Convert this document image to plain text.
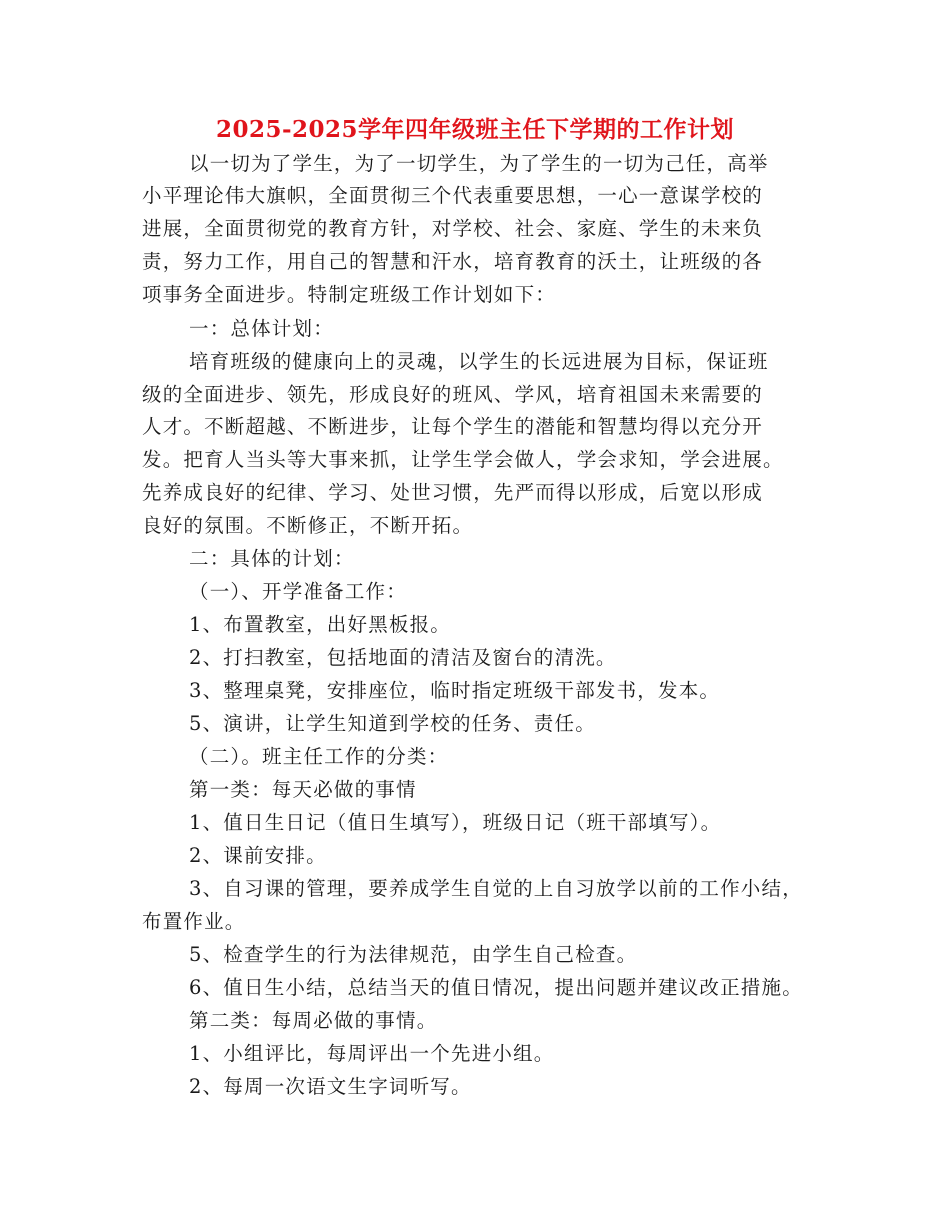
2025-2025学年四年级班主任下学期的工作计划
以一切为了学生，为了一切学生，为了学生的一切为己任，高举
小平理论伟大旗帜，全面贯彻三个代表重要思想，一心一意谋学校的
进展，全面贯彻党的教育方针，对学校、社会、家庭、学生的未来负
责，努力工作，用自己的智慧和汗水，培育教育的沃土，让班级的各
项事务全面进步。特制定班级工作计划如下：
一：总体计划：
培育班级的健康向上的灵魂，以学生的长远进展为目标，保证班
级的全面进步、领先，形成良好的班风、学风，培育祖国未来需要的
人才。不断超越、不断进步，让每个学生的潜能和智慧均得以充分开
发。把育人当头等大事来抓，让学生学会做人，学会求知，学会进展。
先养成良好的纪律、学习、处世习惯，先严而得以形成，后宽以形成
良好的氛围。不断修正，不断开拓。
二：具体的计划：
（一）、开学准备工作：
1、布置教室，出好黑板报。
2、打扫教室，包括地面的清洁及窗台的清洗。
3、整理桌凳，安排座位，临时指定班级干部发书，发本。
5、演讲，让学生知道到学校的任务、责任。
（二）。班主任工作的分类：
第一类：每天必做的事情
1、值日生日记（值日生填写），班级日记（班干部填写）。
2、课前安排。
3、自习课的管理，要养成学生自觉的上自习放学以前的工作小结，
布置作业。
5、检查学生的行为法律规范，由学生自己检查。
6、值日生小结，总结当天的值日情况，提出问题并建议改正措施。
第二类：每周必做的事情。
1、小组评比，每周评出一个先进小组。
2、每周一次语文生字词听写。
